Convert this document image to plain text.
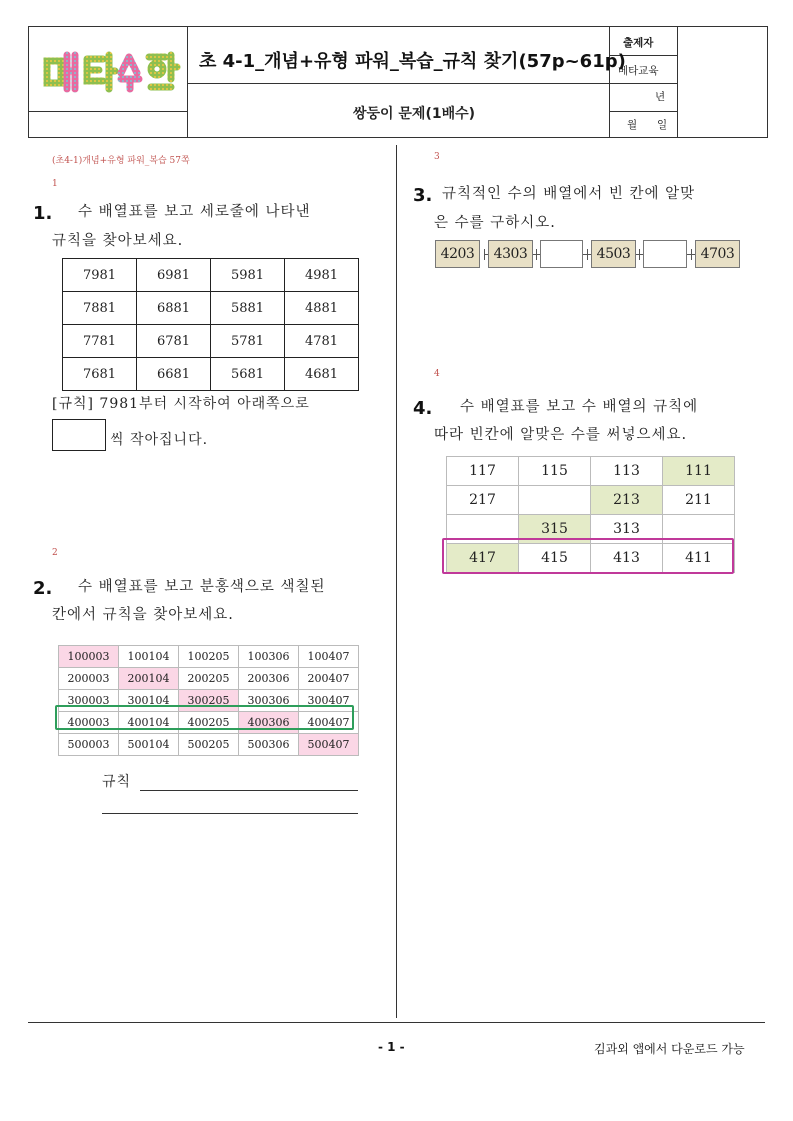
초 4-1_개념+유형 파워_복습_규칙 찾기(57p~61p)
쌍둥이 문제(1배수)
출제자
메타교육
년
월 일
(초4-1)개념+유형 파워_복습 57쪽
1
1. 수 배열표를 보고 세로줄에 나타낸
규칙을 찾아보세요.
7981	6981	5981	4981
7881	6881	5881	4881
7781	6781	5781	4781
7681	6681	5681	4681
[규칙] 7981부터 시작하여 아래쪽으로
씩 작아집니다.
2
2. 수 배열표를 보고 분홍색으로 색칠된
칸에서 규칙을 찾아보세요.
100003	100104	100205	100306	100407
200003	200104	200205	200306	200407
300003	300104	300205	300306	300407
400003	400104	400205	400306	400407
500003	500104	500205	500306	500407
규칙
3
3. 규칙적인 수의 배열에서 빈 칸에 알맞
은 수를 구하시오.
4203	4303	4503	4703
4
4. 수 배열표를 보고 수 배열의 규칙에
따라 빈칸에 알맞은 수를 써넣으세요.
117	115	113	111
217		213	211
	315	313	
417	415	413	411
- 1 -	김과외 앱에서 다운로드 가능
